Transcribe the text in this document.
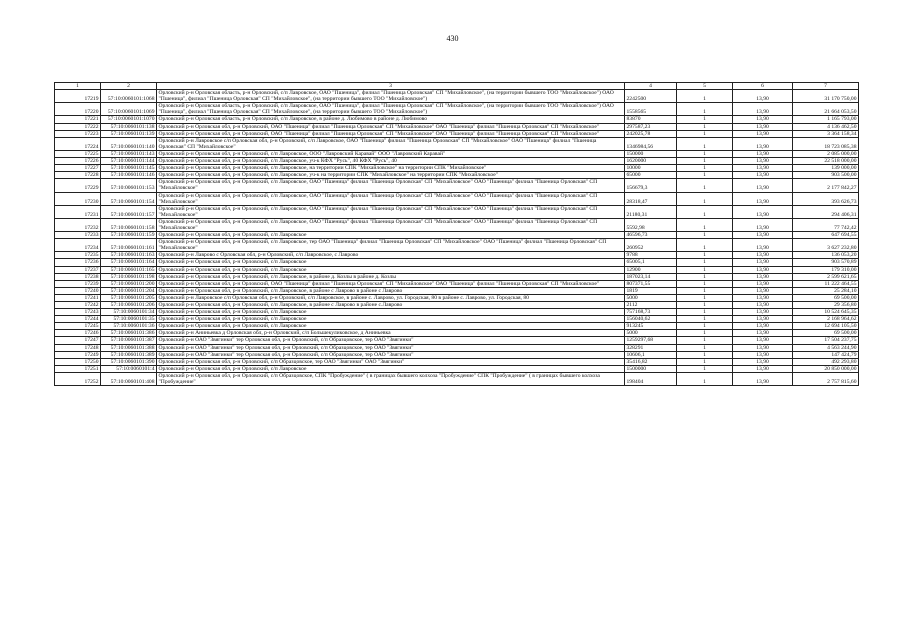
430
1	2	3	4	5	6	7
17219	57:10:0060101:1068	Орловский р-н Орловская область, р-н Орловский, с/п Лавровское, ОАО "Пшеница", филиал "Пшеница Орловская" СП "Михайловское", (на территории бывшего ТОО "Михайловское") ОАО "Пшеница", филиал "Пшеница Орловская" СП "Михайловское", (на территории бывшего ТОО "Михайловское")	2242500	1	13,90	31 170 750,00
17220	57:10:0060101:1069	Орловский р-н Орловская область, р-н Орловский, с/п Лавровское, ОАО "Пшеница", филиал "Пшеница Орловская" СП "Михайловское", (на территории бывшего ТОО "Михайловское") ОАО "Пшеница", филиал "Пшеница Орловская" СП "Михайловское", (на территории бывшего ТОО "Михайловское")	1558565	1	13,90	21 664 053,50
17221	57:10:0060101:1070	Орловский р-н Орловская область, р-н Орловский, с/п Лавровское, в районе д. Любимово в районе д. Любимово	83870	1	13,90	1 165 793,00
17222	57:10:0060101:138	Орловский р-н Орловская обл, р-н Орловский, ОАО "Пшеница" филиал "Пшеница Орловская" СП "Михайловское" ОАО "Пшеница" филиал "Пшеница Орловская" СП "Михайловское"	297587,23	1	13,90	4 136 462,50
17223	57:10:0060101:139	Орловский р-н Орловская обл, р-н Орловский, ОАО "Пшеница" филиал "Пшеница Орловская" СП "Михайловское" ОАО "Пшеница" филиал "Пшеница Орловская" СП "Михайловское"	242025,78	1	13,90	3 364 158,34
17224	57:10:0060101:140	Орловский р-н Лавровское с/п Орловская обл, р-н Орловский, с/п Лавровское, ОАО "Пшеница" филиал "Пшеница Орловская" СП "Михайловское" ОАО "Пшеница" филиал "Пшеница Орловская" СП "Михайловское"	1346984,56	1	13,90	18 723 085,38
17225	57:10:0060101:143	Орловский р-н Орловская обл, р-н Орловский, с/п Лавровское, ООО "Лавровский Каравай" ООО "Лавровский Каравай"	150000	1	13,90	2 085 000,00
17226	57:10:0060101:144	Орловский р-н Орловская обл, р-н Орловский, с/п Лавровское, уч-к КФХ "Русь", 40 КФХ "Русь", 40	1620000	1	13,90	22 518 000,00
17227	57:10:0060101:145	Орловский р-н Орловская обл, р-н Орловский, с/п Лавровское, на территории СПК "Михайловское" на территории СПК "Михайловское"	10000	1	13,90	139 000,00
17228	57:10:0060101:146	Орловский р-н Орловская обл, р-н Орловский, с/п Лавровское, уч-к на территории СПК "Михайловское" на территории СПК "Михайловское"	65000	1	13,90	903 500,00
17229	57:10:0060101:153	Орловский р-н Орловская обл, р-н Орловский, с/п Лавровское, ОАО "Пшеница" филиал "Пшеница Орловская" СП "Михайловское" ОАО "Пшеница" филиал "Пшеница Орловская" СП "Михайловское"	156679,3	1	13,90	2 177 842,27
17230	57:10:0060101:154	Орловский р-н Орловская обл, р-н Орловский, с/п Лавровское, ОАО "Пшеница" филиал "Пшеница Орловская" СП "Михайловское" ОАО "Пшеница" филиал "Пшеница Орловская" СП "Михайловское"	28318,47	1	13,90	393 626,73
17231	57:10:0060101:157	Орловский р-н Орловская обл, р-н Орловский, с/п Лавровское, ОАО "Пшеница" филиал "Пшеница Орловская" СП "Михайловское" ОАО "Пшеница" филиал "Пшеница Орловская" СП "Михайловское"	21180,31	1	13,90	294 406,31
17232	57:10:0060101:158	Орловский р-н Орловская обл, р-н Орловский, с/п Лавровское, ОАО "Пшеница" филиал "Пшеница Орловская" СП "Михайловское" ОАО "Пшеница" филиал "Пшеница Орловская" СП "Михайловское"	5592,98	1	13,90	77 742,42
17233	57:10:0060101:159	Орловский р-н Орловская обл, р-н Орловский, с/п Лавровское	46596,73	1	13,90	647 694,55
17234	57:10:0060101:161	Орловский р-н Орловская обл, р-н Орловский, с/п Лавровское, тер ОАО "Пшеница" филиал "Пшеница Орловская" СП "Михайловское" ОАО "Пшеница" филиал "Пшеница Орловская" СП "Михайловское"	260952	1	13,90	3 627 232,80
17235	57:10:0060101:163	Орловский р-н Лаврово с Орловская обл, р-н Орловский, с/п Лавровское, с Лаврово	9788	1	13,90	136 053,20
17236	57:10:0060101:164	Орловский р-н Орловская обл, р-н Орловский, с/п Лавровское	65005,1	1	13,90	903 570,89
17237	57:10:0060101:165	Орловский р-н Орловская обл, р-н Орловский, с/п Лавровское	12900	1	13,90	179 310,00
17238	57:10:0060101:198	Орловский р-н Орловская обл, р-н Орловский, с/п Лавровское, в районе д. Козлы в районе д. Козлы	187023,14	1	13,90	2 599 621,65
17239	57:10:0060101:200	Орловский р-н Орловская обл, р-н Орловский, ОАО "Пшеница" филиал "Пшеница Орловская" СП "Михайловское" ОАО "Пшеница" филиал "Пшеница Орловская" СП "Михайловское"	807371,55	1	13,90	11 222 464,55
17240	57:10:0060101:204	Орловский р-н Орловская обл, р-н Орловский, с/п Лавровское, в районе с Лаврово в районе с Лаврово	1819	1	13,90	25 284,10
17241	57:10:0060101:205	Орловский р-н Лавровское с/п Орловская обл, р-н Орловский, с/п Лавровское, в районе с. Лаврово, ул. Городская, 80 в районе с. Лаврово, ул. Городская, 80	5000	1	13,90	69 500,00
17242	57:10:0060101:206	Орловский р-н Орловская обл, р-н Орловский, с/п Лавровское, в районе с Лаврово в районе с.Лаврово	2112	1	13,90	29 356,80
17243	57:10:0060101:34	Орловский р-н Орловская обл, р-н Орловский, с/п Лавровское	757168,73	1	13,90	10 524 645,35
17244	57:10:0060101:35	Орловский р-н Орловская обл, р-н Орловский, с/п Лавровское	156040,62	1	13,90	2 168 964,62
17245	57:10:0060101:36	Орловский р-н Орловская обл, р-н Орловский, с/п Лавровское	913245	1	13,90	12 694 105,50
17246	57:10:0060101:386	Орловский р-н Аниньевка д Орловская обл, р-н Орловский, с/п Большекуликовское, д Аниньевка	5000	1	13,90	69 500,00
17247	57:10:0060101:387	Орловский р-н ОАО "Звягинки" тер Орловская обл, р-н Орловский, с/п Образцовское, тер ОАО "Звягинки"	1259297,68	1	13,90	17 504 237,75
17248	57:10:0060101:388	Орловский р-н ОАО "Звягинки" тер Орловская обл, р-н Орловский, с/п Образцовское, тер ОАО "Звягинки"	328291	1	13,90	4 563 244,90
17249	57:10:0060101:389	Орловский р-н ОАО "Звягинки" тер Орловская обл, р-н Орловский, с/п Образцовское, тер ОАО "Звягинки"	10606,1	1	13,90	147 424,79
17250	57:10:0060101:390	Орловский р-н Орловская обл, р-н Орловский, с/п Образцовское, тер ОАО "Звягинки" ОАО "Звягинки"	35416,82	1	13,90	492 293,80
17251	57:10:0060101:4	Орловский р-н Орловская обл, р-н Орловский, с/п Лавровское	1500000	1	13,90	20 850 000,00
17252	57:10:0060101:408	Орловский р-н Орловская обл, р-н Орловский, с/п Образцовское, СПК "Пробуждение" ( в границах бывшего колхоза "Пробуждение" СПК "Пробуждение" ( в границах бывшего колхоза "Пробуждение"	198404	1	13,90	2 757 815,60
